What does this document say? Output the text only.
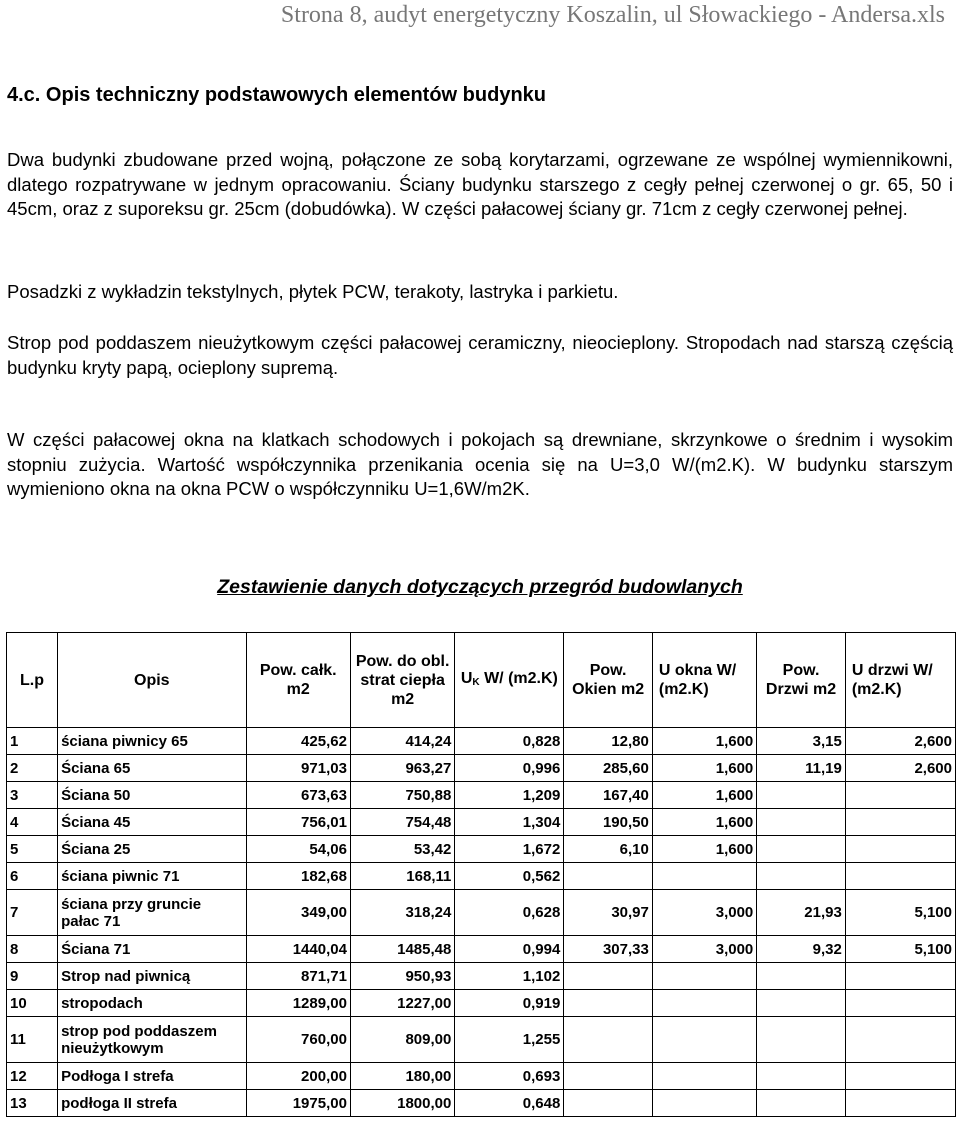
Strona 8, audyt energetyczny Koszalin, ul Słowackiego - Andersa.xls
4.c. Opis techniczny podstawowych elementów budynku
Dwa budynki zbudowane przed wojną, połączone ze sobą korytarzami, ogrzewane ze wspólnej wymiennikowni, dlatego rozpatrywane w jednym opracowaniu. Ściany budynku starszego z cegły pełnej czerwonej o gr. 65, 50 i 45cm, oraz z suporeksu gr. 25cm (dobudówka). W części pałacowej ściany gr. 71cm z cegły czerwonej pełnej.
Posadzki z wykładzin tekstylnych, płytek PCW, terakoty, lastryka i parkietu.
Strop pod poddaszem nieużytkowym części pałacowej ceramiczny, nieocieplony. Stropodach nad starszą częścią budynku kryty papą, ocieplony supremą.
W części pałacowej okna na klatkach schodowych i pokojach są drewniane, skrzynkowe o średnim i wysokim stopniu zużycia. Wartość współczynnika przenikania ocenia się na U=3,0 W/(m2.K). W budynku starszym wymieniono okna na okna PCW o współczynniku U=1,6W/m2K.
Zestawienie danych dotyczących przegród budowlanych
L.p	Opis	Pow. całk. m2	Pow. do obl. strat ciepła m2	$U_K$ W/ (m2.K)	Pow. Okien m2	U okna W/ (m2.K)	Pow. Drzwi m2	U drzwi W/ (m2.K)
1	ściana piwnicy 65	425,62	414,24	0,828	12,80	1,600	3,15	2,600
2	Ściana 65	971,03	963,27	0,996	285,60	1,600	11,19	2,600
3	Ściana 50	673,63	750,88	1,209	167,40	1,600		
4	Ściana 45	756,01	754,48	1,304	190,50	1,600		
5	Ściana 25	54,06	53,42	1,672	6,10	1,600		
6	ściana piwnic 71	182,68	168,11	0,562				
7	ściana przy gruncie pałac 71	349,00	318,24	0,628	30,97	3,000	21,93	5,100
8	Ściana 71	1440,04	1485,48	0,994	307,33	3,000	9,32	5,100
9	Strop nad piwnicą	871,71	950,93	1,102				
10	stropodach	1289,00	1227,00	0,919				
11	strop pod poddaszem nieużytkowym	760,00	809,00	1,255				
12	Podłoga I strefa	200,00	180,00	0,693				
13	podłoga II strefa	1975,00	1800,00	0,648				
